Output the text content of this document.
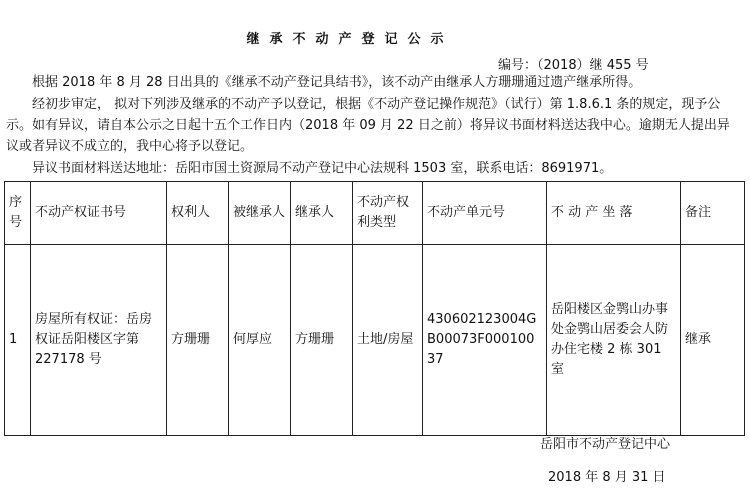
继承不动产登记公示
编号：（2018）继 455 号

根据 2018 年 8 月 28 日出具的《继承不动产登记具结书》，该不动产由继承人方珊珊通过遗产继承所得。

经初步审定， 拟对下列涉及继承的不动产予以登记，根据《不动产登记操作规范》（试行）第 1.8.6.1 条的规定，现予公示。如有异议，请自本公示之日起十五个工作日内（2018 年 09 月 22 日之前）将异议书面材料送达我中心。逾期无人提出异议或者异议不成立的，我中心将予以登记。

异议书面材料送达地址：岳阳市国土资源局不动产登记中心法规科 1503 室，联系电话：8691971。

序号	不动产权证书号	权利人	被继承人	继承人	不动产权利类型	不动产单元号	不 动 产 坐 落	备注
1	房屋所有权证：岳房权证岳阳楼区字第 227178 号	方珊珊	何厚应	方珊珊	土地/房屋	430602123004GB00073F00010037	岳阳楼区金鹗山办事处金鹗山居委会人防办住宅楼 2 栋 301 室	继承
岳阳市不动产登记中心
2018 年 8 月 31 日
